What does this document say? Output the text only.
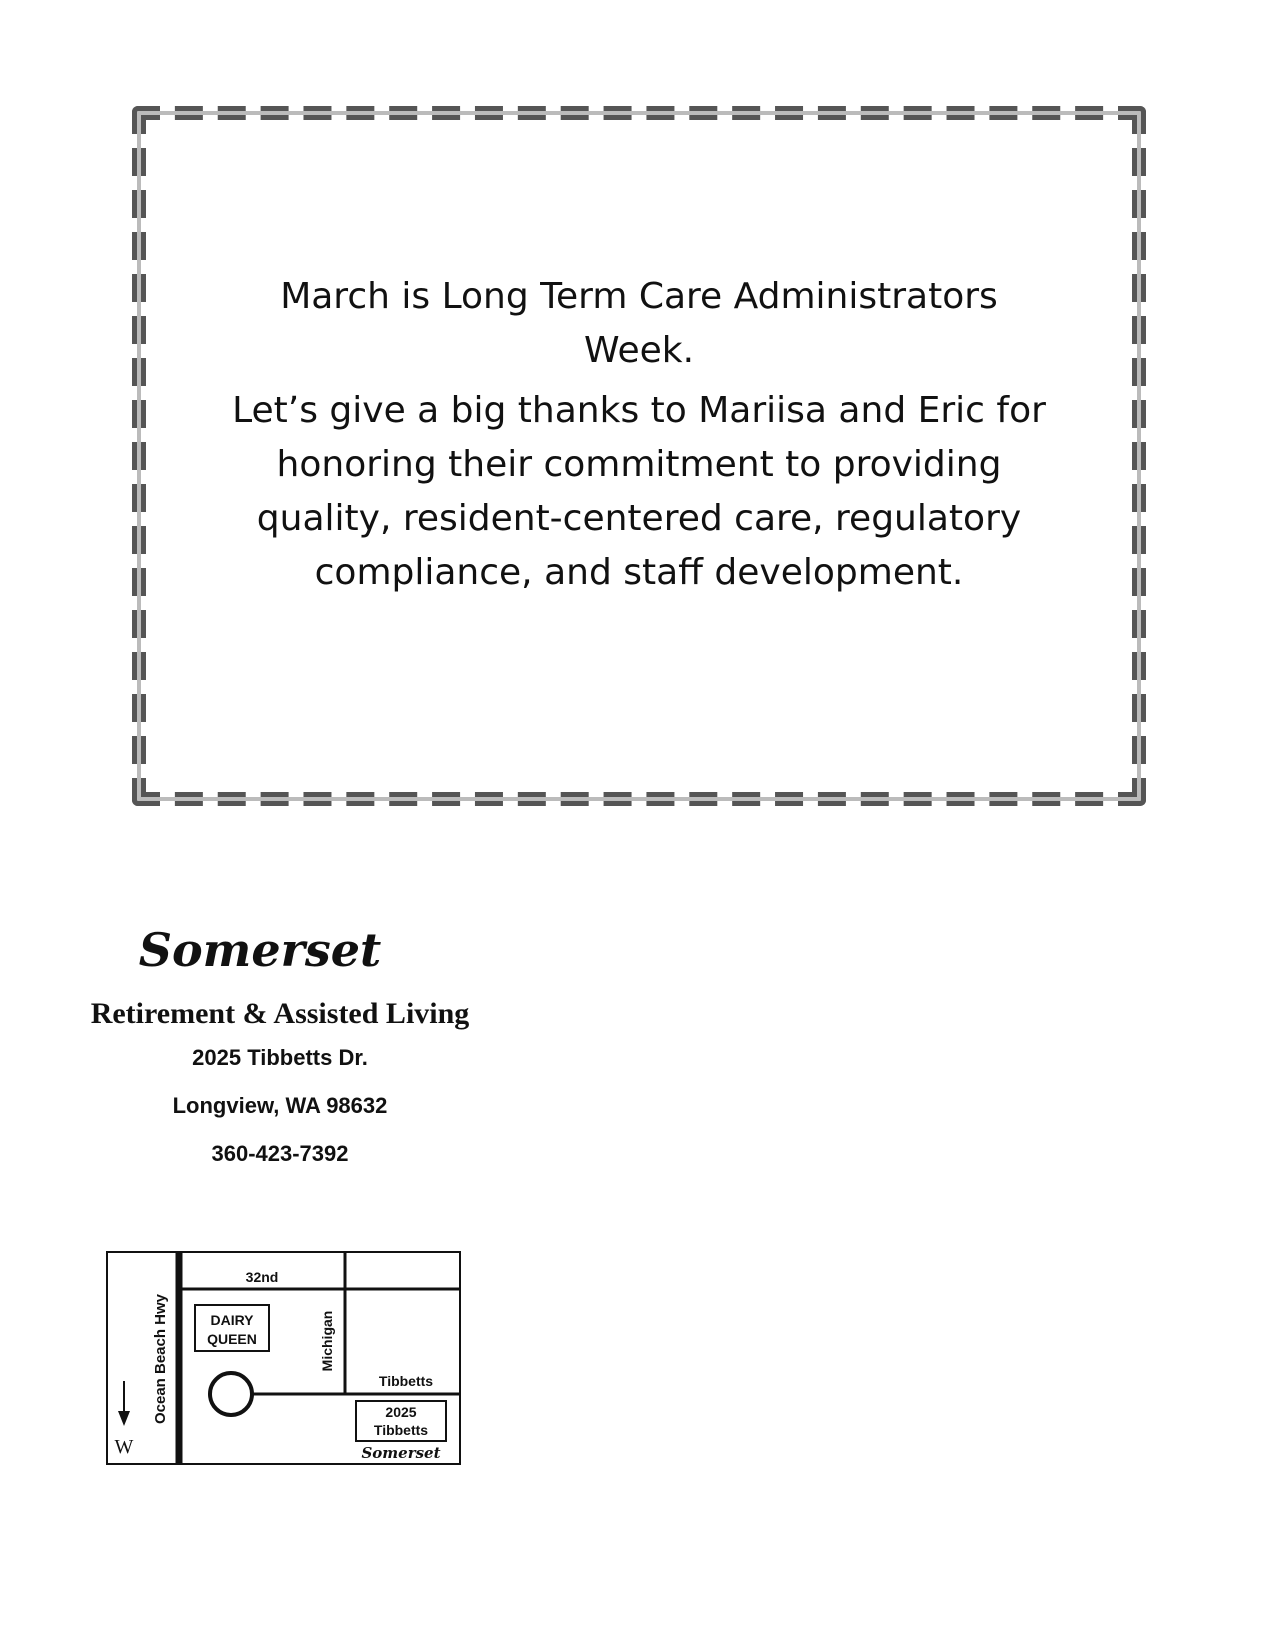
March is Long Term Care Administrators Week.

Let’s give a big thanks to Mariisa and Eric for honoring their commitment to providing quality, resident-centered care, regulatory compliance, and staff development.

Somerset
Retirement & Assisted Living
2025 Tibbetts Dr.
Longview, WA 98632
360-423-7392
DAIRY
QUEEN
32nd
Michigan
Ocean Beach Hwy	Tibbetts
2025
Tibbetts
Somerset
W
